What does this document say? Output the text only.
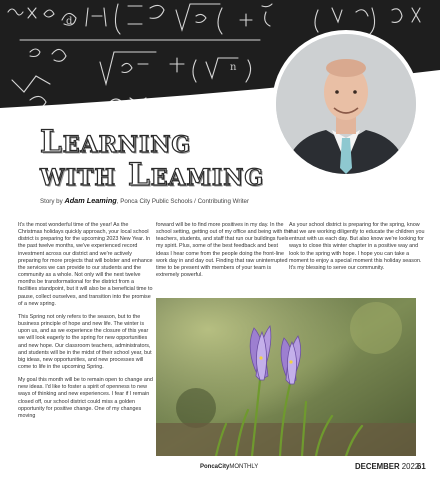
d
n
Learning
with Leaming
Story by Adam Leaming, Ponca City Public Schools / Contributing Writer

It's the most wonderful time of the year! As the Christmas holidays quickly approach, your local school district is preparing for the upcoming 2023 New Year. In the past twelve months, we've experienced record investment across our district and we're actively preparing for more projects that will bolster and enhance the services we can provide to our students and the community as a whole. Not only will the next twelve months be transformational for the district from a facilities standpoint, but it will also be a beneficial time to pause, collect ourselves, and transition into the promise of a new spring.

This Spring not only refers to the season, but to the business principle of hope and new life. The winter is upon us, and as we experience the closure of this year we will look eagerly to the spring for new opportunities and new hope. Our classroom teachers, administrators, and students will be in the midst of their school year, but big ideas, new opportunities, and new processes will come to life in the upcoming Spring.

My goal this month will be to remain open to change and new ideas. I'd like to foster a spirit of openness to new ways of thinking and new experiences. I fear if I remain closed off, our school district could miss a golden opportunity for positive change. One of my changes moving

forward will be to find more positives in my day. In the school setting, getting out of my office and being with the teachers, students, and staff that run our buildings fuels my spirit. Plus, some of the best feedback and best ideas I hear come from the people doing the front-line work day in and day out. Finding that raw uninterrupted time to be present with members of your team is extremely powerful.

As your school district is preparing for the spring, know that we are working diligently to educate the children you entrust with us each day. But also know we're looking for ways to close this winter chapter in a positive way and look to the spring with hope. I hope you can take a moment to enjoy a special moment this holiday season. It's my blessing to serve our community.

PoncaCityMONTHLY	DECEMBER 2022
61
